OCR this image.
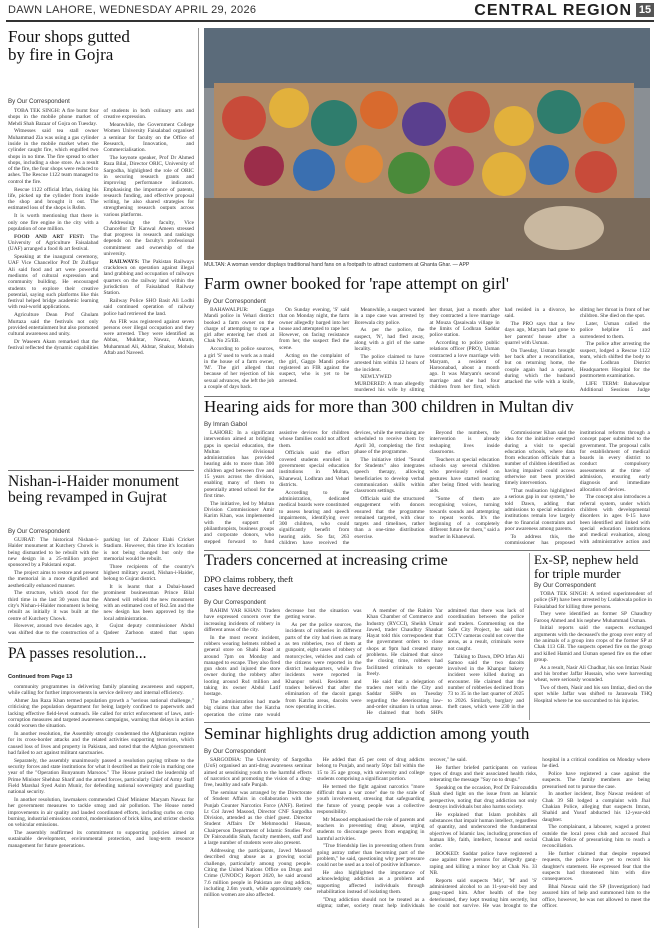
DAWN LAHORE, WEDNESDAY APRIL 29, 2026	CENTRAL REGION 15
Four shops gutted by fire in Gojra
By Our Correspondent

TOBA TEK SINGH: A fire burnt four shops in the mobile phone market of Mehdi Shah Bazaar of Gojra on Tuesday.

Witnesses said tea stall owner Muhammad Zia was using a gas cylinder inside in the mobile market when the cylinder caught fire, which engulfed two shops in no time. The fire spread to other shops, including a shoe store. As a result of the fire, the four shops were reduced to ashes. The Rescue 1122 team managed to control the fire.

Rescue 1122 official Irfan, risking his life, picked up the cylinder from inside the shop and brought it out. The estimated loss of the shops is Rs6m.

It is worth mentioning that there is only one fire engine in the city with a population of one million.

FOOD AND ART FEST: The University of Agriculture Faisalabad (UAF) arranged a food & art festival.

Speaking at the inaugural ceremony, UAF Vice Chancellor Prof Dr Zulfiqar Ali said food and art were powerful mediums of cultural expression and community building. He encouraged students to explore their creative potential, saying such platforms like this festival helped bridge academic learning with real-world applications.

Agriculture Dean Prof Ghulam Murtaza said the festivals not only provided entertainment but also promoted cultural awareness and unity.

Dr Waseem Akam remarked that the festival reflected the dynamic capabilities of students in both culinary arts and creative expression.

Meanwhile, the Government College Women University Faisalabad organised a seminar for faculty on the Office of Research, Innovation, and Commercialisation.

The keynote speaker, Prof Dr Ahmed Raza Bilal, Director ORIC, University of Sargodha, highlighted the role of ORIC in securing research grants and improving performance indicators. Emphasising the importance of patents, research funding, and effective proposal writing, he also shared strategies for strengthening research outputs across various platforms.

Addressing the faculty, Vice Chancellor Dr Kanwal Ameen stressed that progress in research and rankings depends on the faculty's professional commitment and ownership of the university.

RAILWAYS: The Pakistan Railways crackdown on operation against illegal land grabbing and occupation of railways quarters on the railway land within the jurisdiction of Faisalabad Railway Station.

Railway Police SHO Basit Ali Lodhi said continued operation of railway police had retrieved the land.

An FIR was registered against seven persons over illegal occupation and they were arrested. They were identified as Abbas, Mukhtar, Nawaz, Akram, Muhammad Ali, Akhtar, Shakur, Mohsin Aftab and Naveed.

MULTAN: A woman vendor displays traditional hand fans on a footpath to attract customers at Ghanta Ghar. — APP
Farm owner booked for 'rape attempt on girl'
By Our Correspondent

BAHAWALPUR: Gaggo Mandi police in Vehari district booked a farm owner on the charge of attempting to rape a girl after entering her choti at Chak No 25/EB.

According to police sources, a girl 'S' used to work as a maid in the house of a farm owner, 'M'. The girl alleged that because of her rejection of his sexual advances, she left the job a couple of days back.

On Sunday evening, 'S' said that on Monday night, the farm owner allegedly barged into her house and attempted to rape her. However, on facing resistance from her, the suspect fled the scene.

Acting on the complaint of the girl, Gaggo Mandi police registered an FIR against the suspect, who is yet to be arrested.

Meanwhile, a suspect wanted in a rape case was arrested by Borewala city police.

As per the police, the suspect, 'N', had fled away, along with a girl of the same locality.

The police claimed to have arrested him within 12 hours of the incident.

NEWLYWED MURDERED: A man allegedly murdered his wife by slitting her throat, just a month after they contracted a love marriage at Mouza Qasaiwala village in the limits of Lodhran Saddar police station.

According to police public relations officer (PRO), Usman contracted a love marriage with Maryam, a resident of Haroonabad, about a month ago. It was Maryam's second marriage and she had four children from her first, which had resided in a divorce, he said.

The PRO says that a few days ago, Maryam had gone to her parents' house after a quarrel with Usman.

On Tuesday, Usman brought her back after a reconciliation, but on returning home, the couple again had a quarrel, during which the husband attacked the wife with a knife, slitting her throat in front of her children. She died on the spot.

Later, Usman called the police helpline 15 and surrendered to them.

The police after arresting the suspect, lodged a Rescue 1122 team, which shifted the body to the Lodhran District Headquarters Hospital for the postmortem examination.

LIFE TERM: Bahawalpur Additional Sessions Judge

Hearing aids for more than 300 children in Multan div
By Imran Gabol

LAHORE: In a significant intervention aimed at bridging gaps in special education, the Multan divisional administration has provided hearing aids to more than 300 children aged between five and 15 years across the division, enabling many of them to potentially attend school for the first time.

The initiative, led by Multan Division Commissioner Amir Karim Khan, was implemented with the support of philanthropists, business groups and corporate donors, who stepped forward to fund assistive devices for children whose families could not afford them.

Officials said the effort covered students enrolled in government special education institutions in Multan, Khanewal, Lodhran and Vehari districts.

According to the administration, dedicated medical boards were constituted to assess hearing and speech impairments, identifying over 300 children, who could significantly benefit from hearing aids. So far, 263 children have received the devices, while the remaining are scheduled to receive them by April 30, completing the first phase of the programme.

The initiative titled "Sound for Students" also integrates speech therapy, allowing beneficiaries to develop verbal communication skills within classroom settings.

Officials said the structured engagement with donors ensured that the programme remained targeted, with clear targets and timelines, rather than a one-time distribution exercise.

Beyond the numbers, the intervention is already reshaping lives inside classrooms.

Teachers at special education schools say several children who previously relied on gestures have started reacting after being fitted with hearing aids.

"Some of them are recognising voices, turning towards sounds and attempting to repeat words. It's the beginning of a completely different future for them," said a teacher in Khanewal.

Commissioner Khan said the idea for the initiative emerged during a visit to special education schools, where data from education officials that a number of children identified as having impaired could access otherwise not been provided timely intervention.

"That realisation highlighted a serious gap in our system," he told Dawn, adding that admissions to special education institutions remain low largely due to financial constraints and poor awareness among parents.

To address this, the commissioner has proposed institutional reforms through a concept paper submitted to the government. The proposal calls for establishment of medical boards in every district to conduct compulsory assessments at the time of admission, ensuring early diagnosis and immediate allocation of devices.

The concept also introduces a referral system, under which children with developmental disorders in ages 0-15 have been identified and linked with special education institutions and medical evaluation, along with administrative action and

Nishan-i-Haider monument being revamped in Gujrat
By Our Correspondent

GUJRAT: The historical Nishan-i-Haider monument at Kutchery Chowk is being dismantled to be rebuilt with the new design in a 25-million project sponsored by a Pakistani expat.

The project aims to restore and present the memorial in a more dignified and aesthetically enhanced manner.

The structure, which stood for the third time in the last 30 years that the city's Nishan-i-Haider monument is being rebuilt as initially it was built at the centre of Kutchery Chowk.

However, around two decades ago, it was shifted due to the construction of a parking lot of Zahoor Elahi Cricket Stadium. However, this time it's location is not being changed but only the memorial would be rebuilt.

Three recipients of the country's highest military award, Nishan-i-Haider, belong to Gujrat district.

It is learnt that a Dubai-based prominent businessman Prince Bilal Ahmed will rebuild the new monument with an estimated cost of Rs2.5m and the new design has been approved by the local administration.

Gujrat deputy commissioner Abdul Qadeer Zarhoon stated that upon

Traders concerned at increasing crime
DPO claims robbery, theft cases have decreased
By Our Correspondent

RAHIM YAR KHAN: Traders have expressed concern over the increasing incidents of robbery in different areas of the city.

In the most recent incident, robbers wearing helmets robbed a general store on Shahi Road at around 7pm on Monday and managed to escape. They also fired gun shots and injured the store owner during the robbery after looting around Rs4 million and taking its owner Abdul Latif hostage.

The administration had made big claims that after the Katcha operation the crime rate would decrease but the situation was getting worse.

As per the police sources, the incidents of robberies in different parts of the city had risen as many as ten robberies, two of them at gunpoint, eight cases of robbery of motorcycles, vehicles and cash of the citizens were reported in the district headquarters, while five incidents were reported in Khanpur tehsil. Residents and traders believed that after the elimination of the dacoit gangs from Katcha areas, dacoits were now operating in cities.

A member of the Rahim Yar Khan Chamber of Commerce and Industry (RYCCI), Sheikh Umair Jawed, trader Chaudhry Shaukat Hayat told this correspondent that the government orders to close shops at 9pm had created many problems. He claimed that since the closing time, robbers had facilitated criminals to operate freely.

He said that a delegation of traders met with the City and Saddar SHPs on Tuesday regarding the deteriorating law-and-order situation in urban areas. He claimed that both SHPs admitted that there was lack of coordination between the police and traders. Commenting on the Safe City Project, he said that CCTV cameras could not cover the areas, as a result, criminals were not caught.

Talking to Dawn, DPO Irfan Ali Samoo said the two dacoits involved in the Khanpur bakery incident were killed during an encounter. He claimed that the number of robberies declined from 73 to 35 in the last quarter of 2025 to 2026. Similarly, burglary and theft cases, which were 230 in the

Ex-SP, nephew held for triple murder
By Our Correspondent

TOBA TEK SINGH: A retired superintendent of police (SP) have been arrested by Ludakwala police in Faisalabad for killing three persons.

They were identified as former SP Chaudhry Farooq Ahmed and his nephew Muhammad Usman.

Initial reports said the suspects exchanged arguments with the deceased's the group over entry of the animals of a group into crops of the former SP at Chak 113 GB. The suspects opened fire on the group and killed Hamid and Usman opened fire on the other group.

As a result, Nasir Ali Chadhar, his son Imtiaz Nasir and his brother Jaffar Hussain, who were harvesting wheat, were seriously wounded.

Two of them, Nasir and his son Imtiaz, died on the spot while Jaffar was shifted to Jaranwala THQ Hospital where he too succumbed to his injuries.

PA passes resolution...
Continued from Page 13

community programmes in delivering family planning awareness and support, while calling for further improvements in service delivery and internal efficiency.

Ahmer Jan Raza Khan termed population growth a "serious national challenge," criticising the population department for being largely confined to paperwork and lacking effective field-level outreach. He called for strict enforcement of laws, anti-corruption measures and targeted awareness campaigns, warning that delays in action could worsen the situation.

In another resolution, the Assembly strongly condemned the Afghanistan regime for its cross-border attacks and the related activities supporting terrorism, which caused loss of lives and property in Pakistan, and noted that the Afghan government had failed to act against militant sanctuaries.

Separately, the assembly unanimously passed a resolution paying tribute to the security forces and state institutions for what it described as their role in marking one year of the "Operation Bunyanum Marsoos." The House praised the leadership of Prime Minister Shehbaz Sharif and the armed forces, particularly Chief of Army Staff Field Marshal Syed Asim Munir, for defending national sovereignty and guarding national security.

In another resolution, lawmakers commended Chief Minister Maryam Nawaz for her government measures to tackle smog and air pollution. The House noted improvements in air quality and lauded coordinated efforts, including curbs on crop burning, industrial emissions control, modernisation of brick kilns, and stricter checks on vehicular emissions.

The assembly reaffirmed its commitment to supporting policies aimed at sustainable development, environmental protection, and long-term resource management for future generations.

Seminar highlights drug addiction among youth
By Our Correspondent

SARGODHA: The University of Sargodha (UoS) organised an anti-drug awareness seminar aimed at sensitising youth to the harmful effects of narcotics and promoting the vision of a drug-free, healthy and safe Punjab.

The seminar was arranged by the Directorate of Student Affairs in collaboration with the Punjab Counter Narcotics Force (ANF). Retired Lt Col Javed Masood, Director CNF Sargodha Division, attended as the chief guest. Director Student Affairs Dr Mehmoodul Hassan, Chairperson Department of Islamic Studies Prof Dr Fairozuddin Shah, faculty members, staff and a large number of students were also present.

Addressing the participants, Javed Masood described drug abuse as a growing social challenge, particularly among young people. Citing the United Nations Office on Drugs and Crime (UNODC) Report 2020, he said around 7.6 million people in Pakistan are drug addicts, including 2.6m youth, while approximately one million women are also affected.

He added that 45 per cent of drug addicts belong to Punjab, and nearly 50pc fall within the 15 to 35 age group, with university and college students comprising a significant portion.

He termed the fight against narcotics "more difficult than a war zone" due to the scale of youth involvement, stressing that safeguarding the future of young people was a collective responsibility.

Mr Masood emphasised the role of parents and teachers in preventing drug abuse, urging students to discourage peers from engaging in harmful activities.

"True friendship lies in preventing others from going astray rather than becoming part of the problem," he said, questioning why peer pressure could not be used as a tool of positive influence.

He also highlighted the importance of acknowledging addiction as a problem and supporting affected individuals through rehabilitation instead of isolating them.

"Drug addiction should not be treated as a stigma; rather, society must help individuals recover," he said.

He further briefed participants on various types of drugs and their associated health risks, reiterating the message "Say no to drugs."

Speaking on the occasion, Prof Dr Fairozuddin Shah shed light on the issue from an Islamic perspective, noting that drug addiction not only destroys individuals but also harms society.

He explained that Islam prohibits all substances that impair human intellect, regardless of quantity, and underscored the fundamental objectives of Islamic law, including protection of human life, faith, intellect, honour and social order.

BOOKED: Saddar police have registered a case against three persons for allegedly gang-raping and killing a minor boy at Chak No. 33 NB.

Reports said suspects 'Mir', 'M' and 'S' administered alcohol to an 11-year-old boy and gang-raped him. After health of the boy deteriorated, they kept treating him secretly, but he could not survive. He was brought to the hospital in a critical condition on Monday where he died.

Police have registered a case against the suspects. The family members are being pressurised not to pursue the case.

In another incident, Iboy Nawaz resident of Chak 39 SB lodged a complaint with Jhal Chakian Police, alleging that suspects Imran, Shahid and Yusuf abducted his 12-year-old daughter.

The complainant, a labourer, waged a protest outside the local press club and accused Jhal Chakian Police of pressurising him to reach a reconciliation.

He further claimed that despite repeated requests, the police have yet to record his daughter's statement. He expressed fear that the suspects had threatened him with dire consequences.

Bhai Nawaz said the SP (Investigation) had assured him of help and summoned him to the office, however, he was not allowed to meet the officer.
